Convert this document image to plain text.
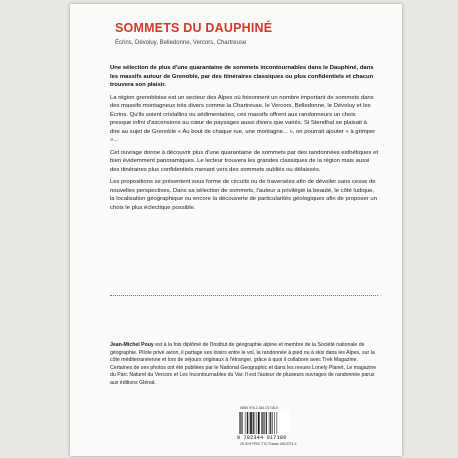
SOMMETS DU DAUPHINÉ
Écrins, Dévoluy, Belledonne, Vercors, Chartreuse

Une sélection de plus d'une quarantaine de sommets incontournables dans le Dauphiné, dans les massifs autour de Grenoble, par des itinéraires classiques ou plus confidentiels et chacun trouvera son plaisir.

La région grenobloise est un secteur des Alpes où foisonnent un nombre important de sommets dans des massifs montagneux très divers comme la Chartreuse, le Vercors, Belledonne, le Dévoluy et les Écrins. Qu'ils soient cristallins ou sédimentaires, ces massifs offrent aux randonneurs un choix presque infini d'ascensions au cœur de paysages aussi divers que variés. Si Stendhal se plaisait à dire au sujet de Grenoble « Au bout de chaque rue, une montagne... », on pourrait ajouter « à grimper »...

Cet ouvrage donne à découvrir plus d'une quarantaine de sommets par des randonnées esthétiques et bien évidemment panoramiques. Le lecteur trouvera les grandes classiques de la région mais aussi des itinéraires plus confidentiels menant vers des sommets oubliés ou délaissés.

Les propositions se présentent sous forme de circuits ou de traversées afin de dévoiler sans cesse de nouvelles perspectives. Dans sa sélection de sommets, l'auteur a privilégié la beauté, le côté ludique, la localisation géographique ou encore la découverte de particularités géologiques afin de proposer un choix le plus éclectique possible.

Jean-Michel Pouy est à la fois diplômé de l'Institut de géographie alpine et membre de la Société nationale de géographie. Pilote privé avion, il partage ses loisirs entre le vol, la randonnée à pied ou à skis dans les Alpes, sur la côte méditerranéenne et lors de séjours originaux à l'étranger, grâce à quoi il collabore avec Trek Magazine. Certaines de ses photos ont été publiées par le National Geographic et dans les revues Lonely Planet, Le magazine du Parc Naturel du Vercors et Les Incontournables du Var. Il est l'auteur de plusieurs ouvrages de randonnée parus aux éditions Glénat.
ISBN 978-2-344-01718-0
9 782344 017180
25,00 € PRIX TTC France 6512073-X
